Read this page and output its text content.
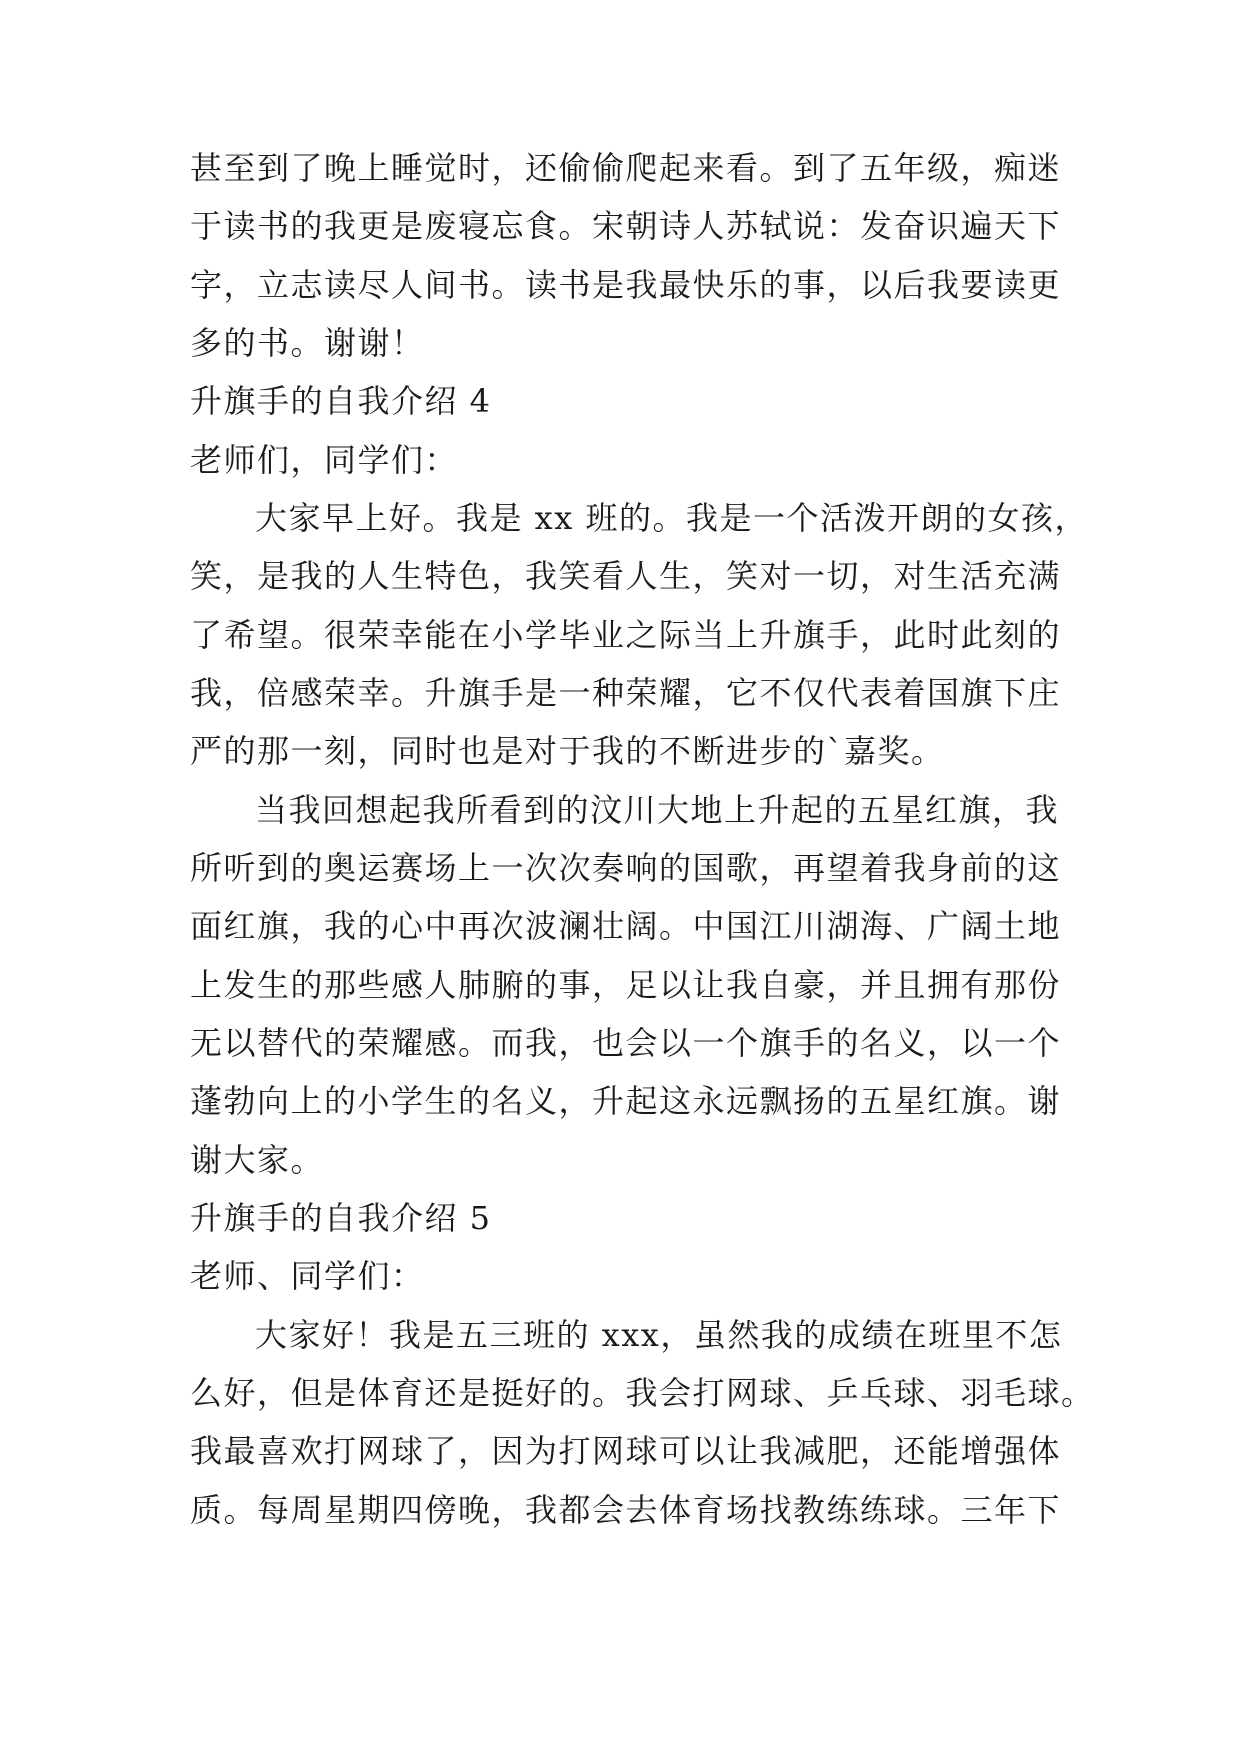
甚至到了晚上睡觉时，还偷偷爬起来看。到了五年级，痴迷
于读书的我更是废寝忘食。宋朝诗人苏轼说：发奋识遍天下
字，立志读尽人间书。读书是我最快乐的事，以后我要读更
多的书。谢谢！
升旗手的自我介绍 4
老师们，同学们：
大家早上好。我是 xx 班的。我是一个活泼开朗的女孩，
笑，是我的人生特色，我笑看人生，笑对一切，对生活充满
了希望。很荣幸能在小学毕业之际当上升旗手，此时此刻的
我，倍感荣幸。升旗手是一种荣耀，它不仅代表着国旗下庄
严的那一刻，同时也是对于我的不断进步的`嘉奖。
当我回想起我所看到的汶川大地上升起的五星红旗，我
所听到的奥运赛场上一次次奏响的国歌，再望着我身前的这
面红旗，我的心中再次波澜壮阔。中国江川湖海、广阔土地
上发生的那些感人肺腑的事，足以让我自豪，并且拥有那份
无以替代的荣耀感。而我，也会以一个旗手的名义，以一个
蓬勃向上的小学生的名义，升起这永远飘扬的五星红旗。谢
谢大家。
升旗手的自我介绍 5
老师、同学们：
大家好！我是五三班的 xxx，虽然我的成绩在班里不怎
么好，但是体育还是挺好的。我会打网球、乒乓球、羽毛球。
我最喜欢打网球了，因为打网球可以让我减肥，还能增强体
质。每周星期四傍晚，我都会去体育场找教练练球。三年下
